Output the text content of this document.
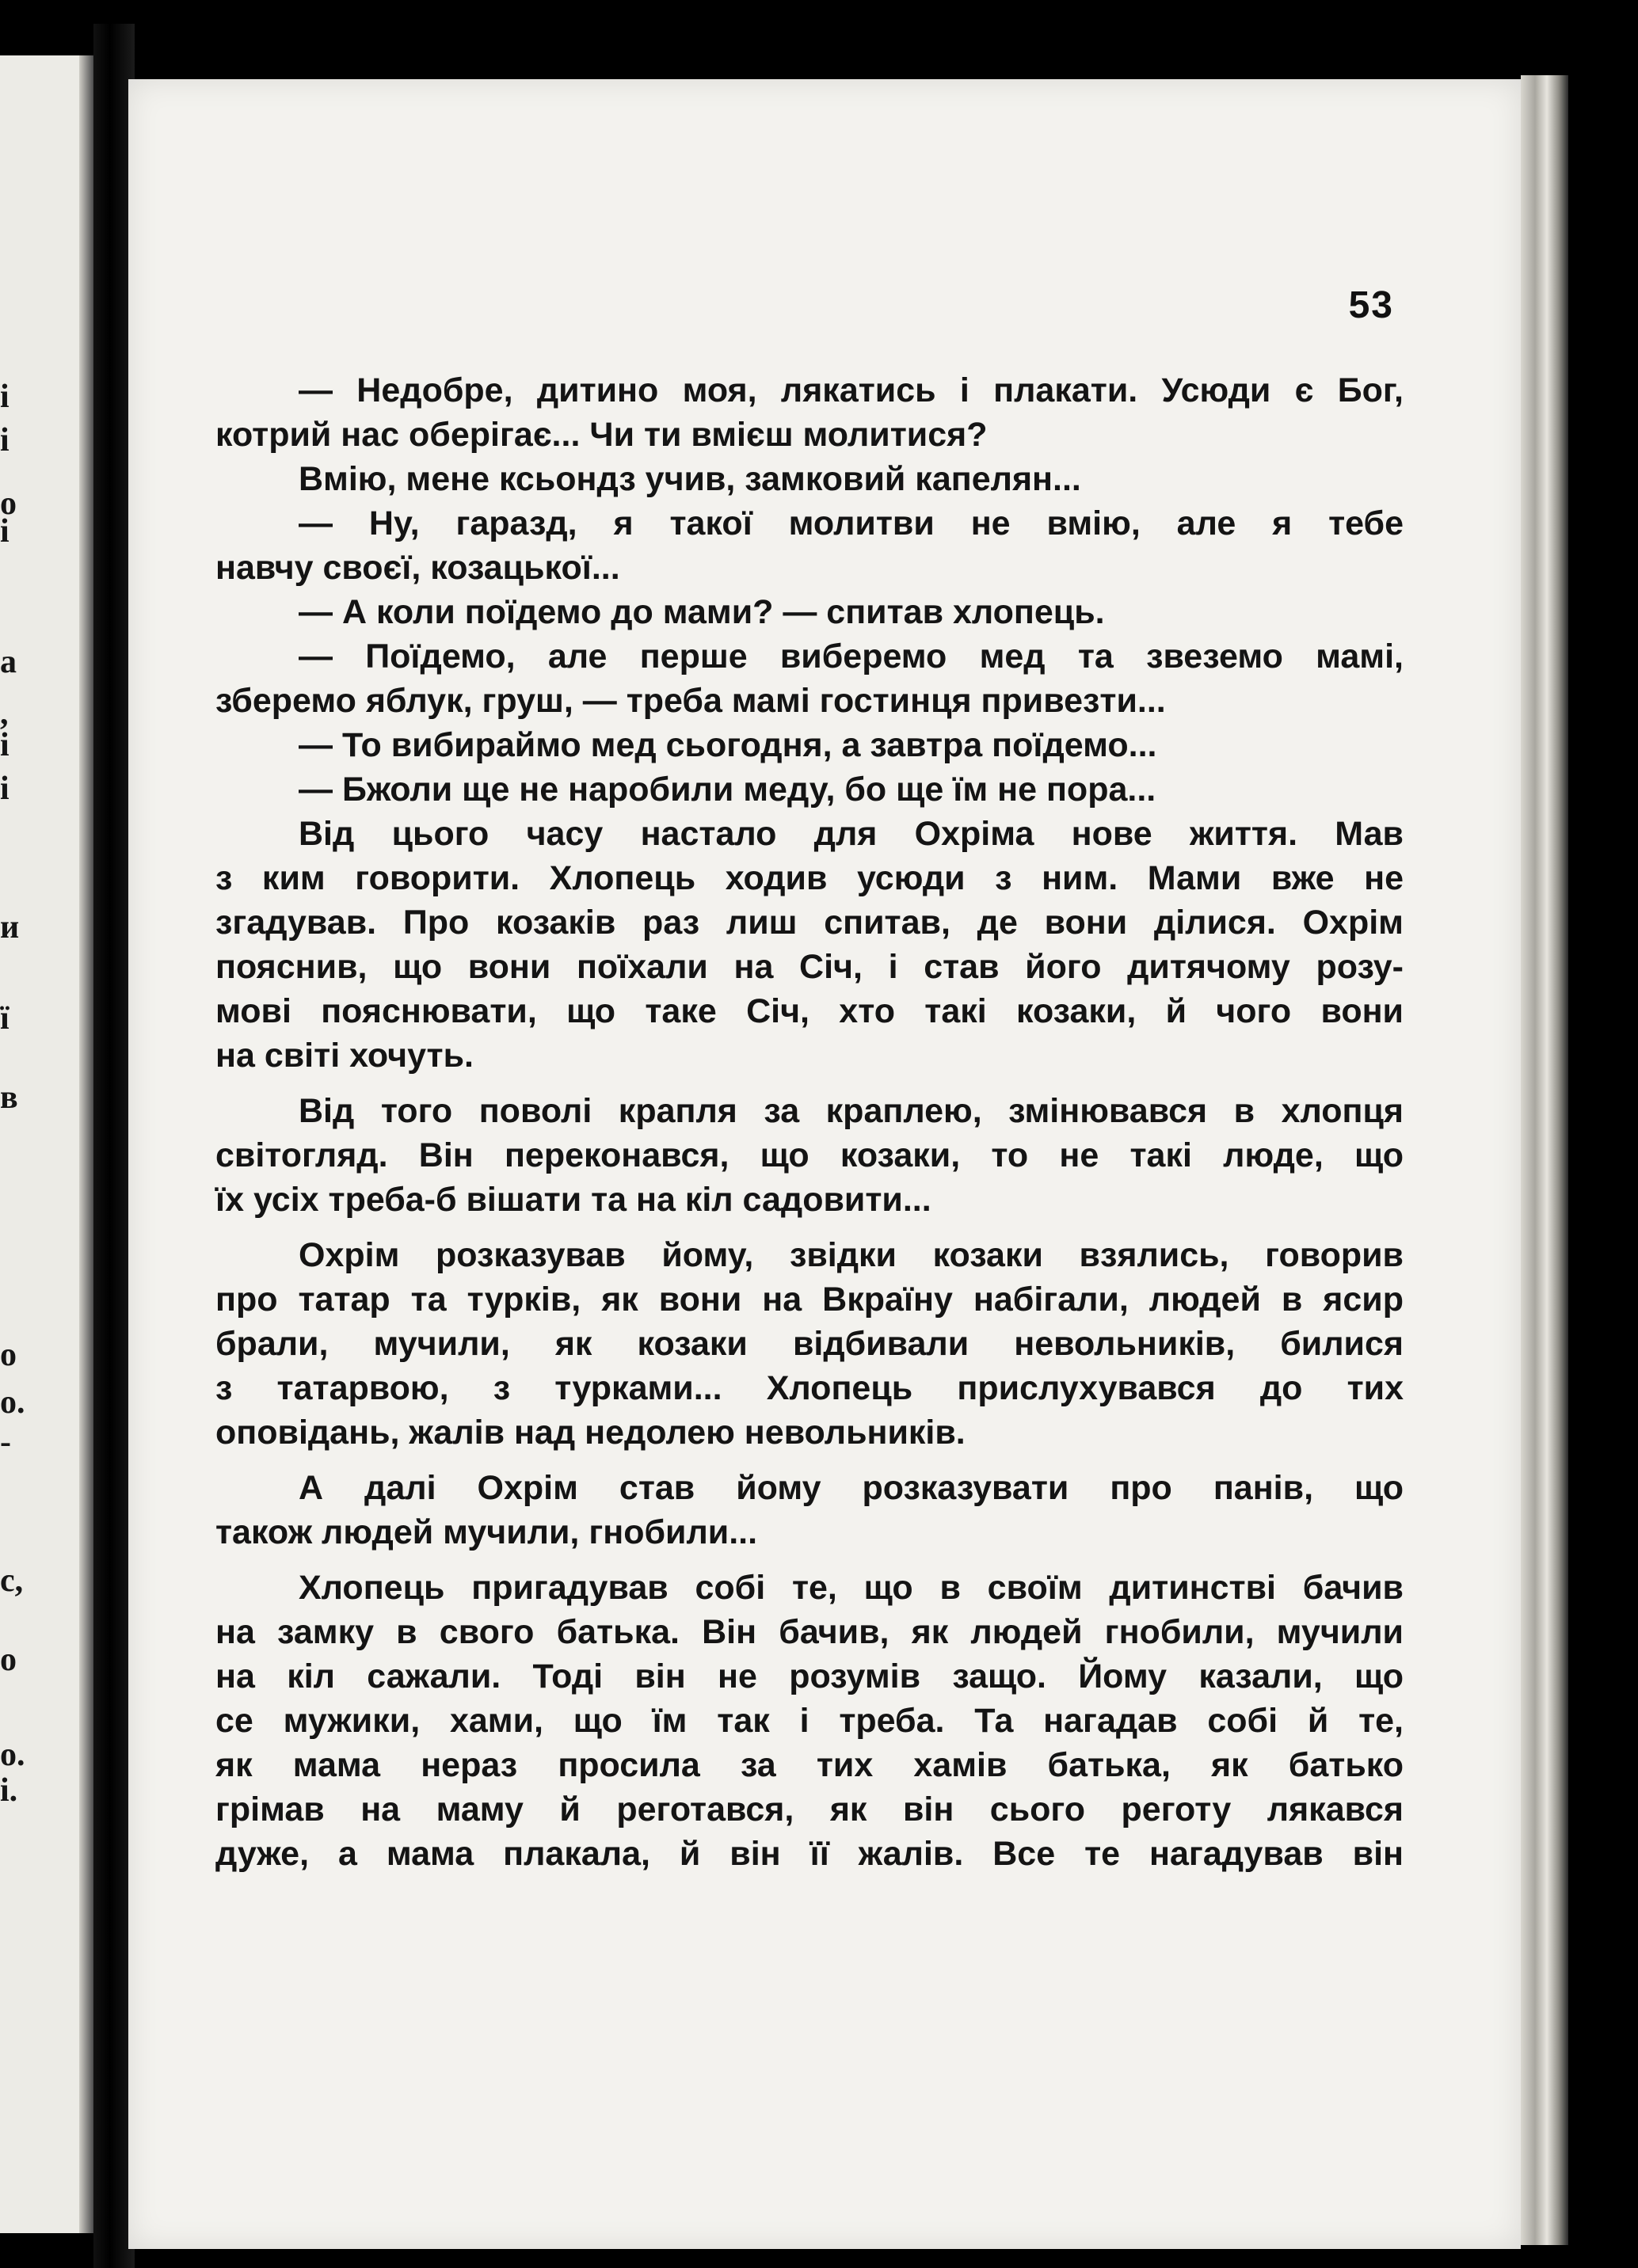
і
і
о
і
а
,
і
і
и
ї
в
о
о.
-
с,
о
о.
і.
53
— Недобре, дитино моя, лякатись і плакати. Усюди є Бог,
котрий нас оберігає... Чи ти вмієш молитися?
Вмію, мене ксьондз учив, замковий капелян...
— Ну, гаразд, я такої молитви не вмію, але я тебе
навчу своєї, козацької...
— А коли поїдемо до мами? — спитав хлопець.
— Поїдемо, але перше виберемо мед та звеземо мамі,
зберемо яблук, груш, — треба мамі гостинця привезти...
— То вибираймо мед сьогодня, а завтра поїдемо...
— Бжоли ще не наробили меду, бо ще їм не пора...
Від цього часу настало для Охріма нове життя. Мав
з ким говорити. Хлопець ходив усюди з ним. Мами вже не
згадував. Про козаків раз лиш спитав, де вони ділися. Охрім
пояснив, що вони поїхали на Січ, і став його дитячому розу-
мові пояснювати, що таке Січ, хто такі козаки, й чого вони
на світі хочуть.
Від того поволі крапля за краплею, змінювався в хлопця
світогляд. Він переконався, що козаки, то не такі люде, що
їх усіх треба-б вішати та на кіл садовити...
Охрім розказував йому, звідки козаки взялись, говорив
про татар та турків, як вони на Вкраїну набігали, людей в ясир
брали, мучили, як козаки відбивали невольників, билися
з татарвою, з турками... Хлопець прислухувався до тих
оповідань, жалів над недолею невольників.
А далі Охрім став йому розказувати про панів, що
також людей мучили, гнобили...
Хлопець пригадував собі те, що в своїм дитинстві бачив
на замку в свого батька. Він бачив, як людей гнобили, мучили
на кіл сажали. Тоді він не розумів защо. Йому казали, що
се мужики, хами, що їм так і треба. Та нагадав собі й те,
як мама нераз просила за тих хамів батька, як батько
грімав на маму й реготався, як він сього реготу лякався
дуже, а мама плакала, й він її жалів. Все те нагадував він
